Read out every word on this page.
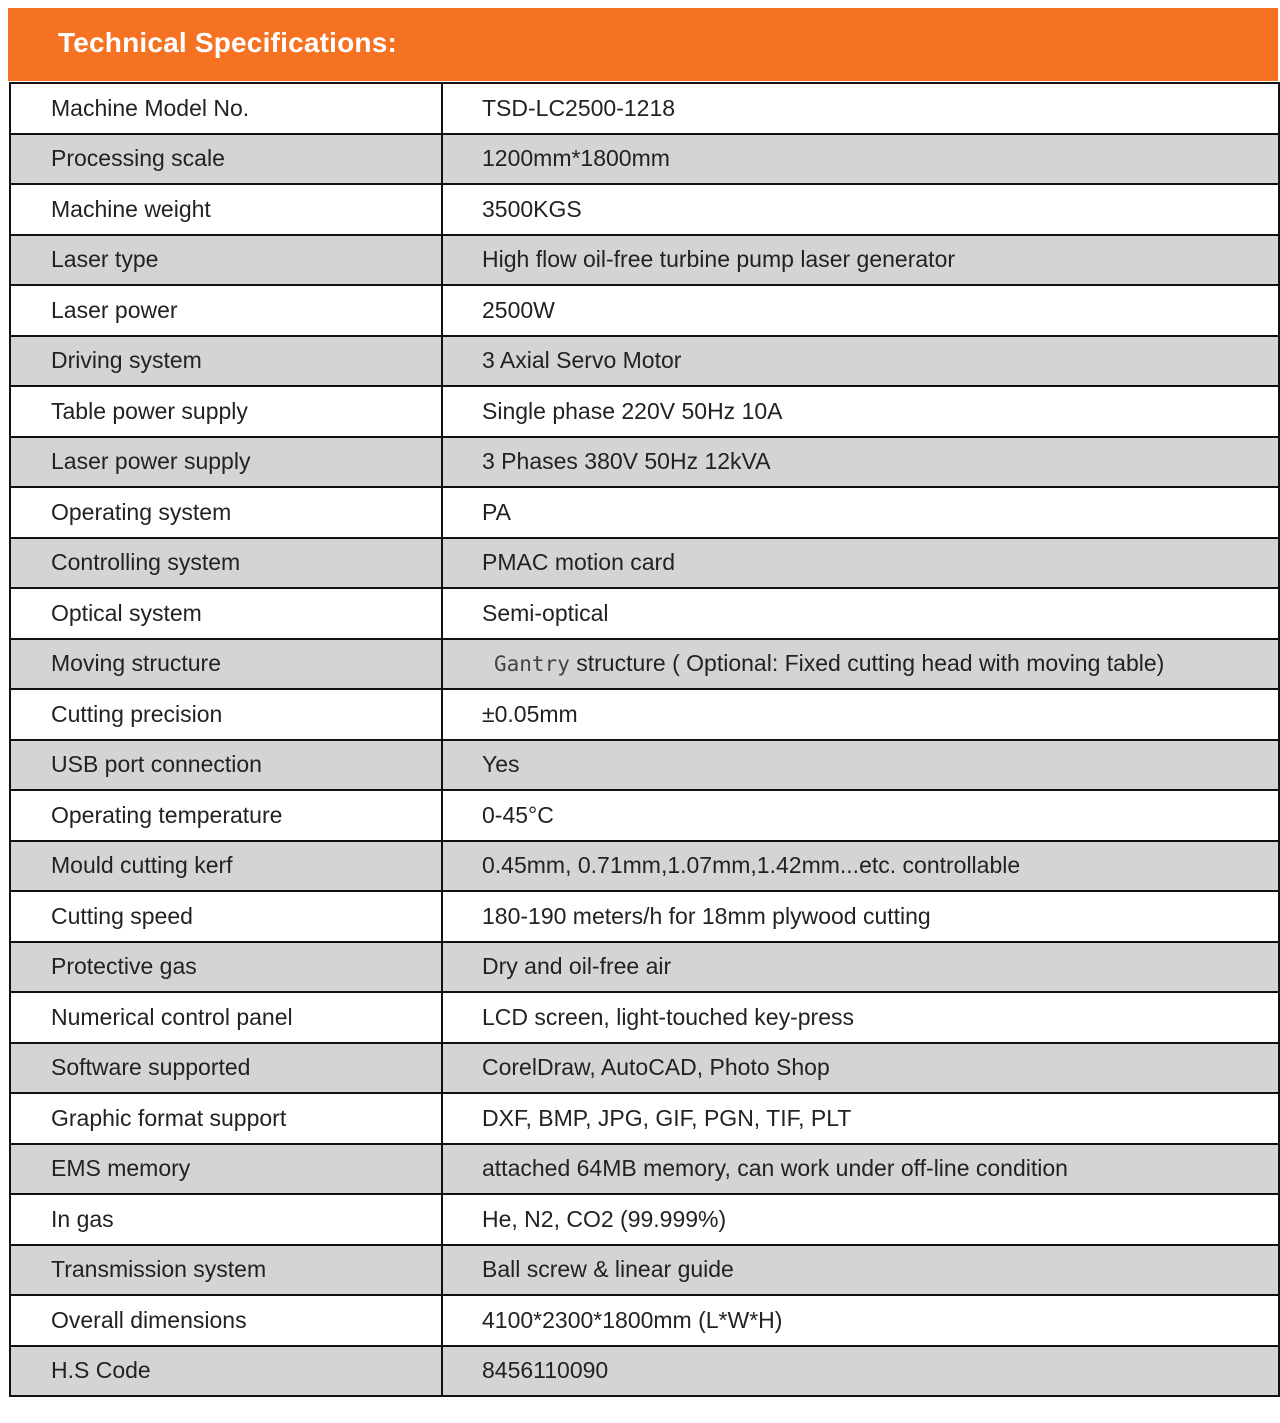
Technical Specifications:
Machine Model No.	TSD-LC2500-1218
Processing scale	1200mm*1800mm
Machine weight	3500KGS
Laser type	High flow oil-free turbine pump laser generator
Laser power	2500W
Driving system	3 Axial Servo Motor
Table power supply	Single phase 220V 50Hz 10A
Laser power supply	3 Phases 380V 50Hz 12kVA
Operating system	PA
Controlling system	PMAC motion card
Optical system	Semi-optical
Moving structure	Gantry structure ( Optional: Fixed cutting head with moving table)
Cutting precision	±0.05mm
USB port connection	Yes
Operating temperature	0-45°C
Mould cutting kerf	0.45mm, 0.71mm,1.07mm,1.42mm...etc. controllable
Cutting speed	180-190 meters/h for 18mm plywood cutting
Protective gas	Dry and oil-free air
Numerical control panel	LCD screen, light-touched key-press
Software supported	CorelDraw, AutoCAD, Photo Shop
Graphic format support	DXF, BMP, JPG, GIF, PGN, TIF, PLT
EMS memory	attached 64MB memory, can work under off-line condition
In gas	He, N2, CO2 (99.999%)
Transmission system	Ball screw & linear guide
Overall dimensions	4100*2300*1800mm (L*W*H)
H.S Code	8456110090
